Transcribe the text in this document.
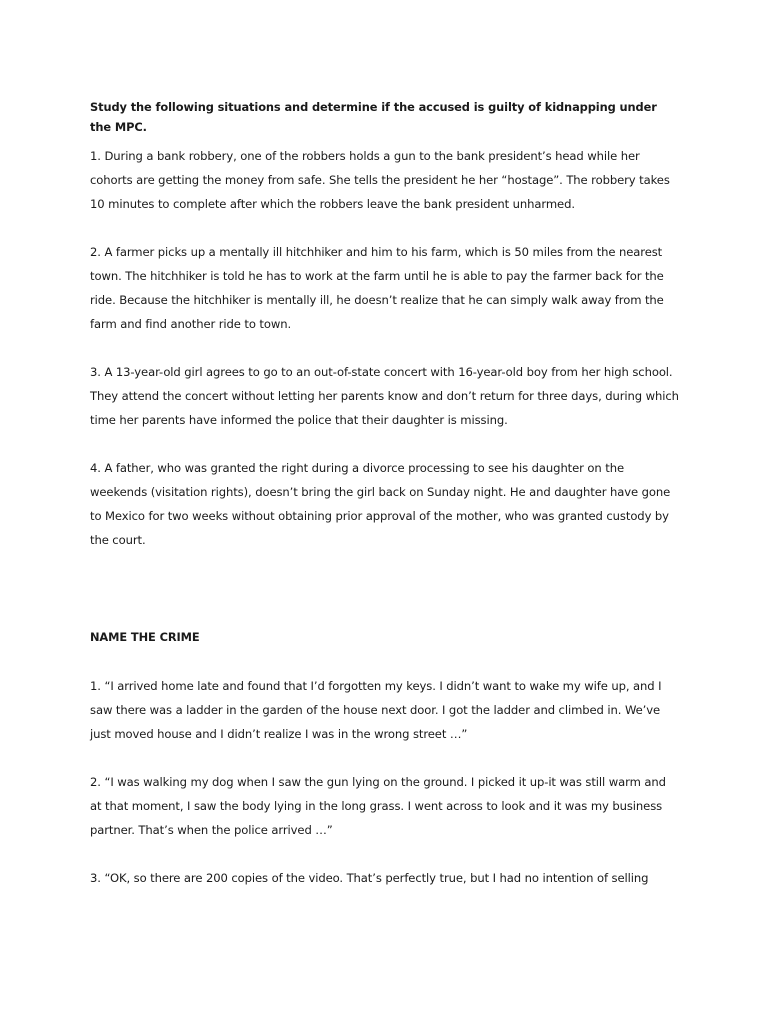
Study the following situations and determine if the accused is guilty of kidnapping under the MPC.

1. During a bank robbery, one of the robbers holds a gun to the bank president’s head while her cohorts are getting the money from safe. She tells the president he her “hostage”. The robbery takes 10 minutes to complete after which the robbers leave the bank president unharmed.

2. A farmer picks up a mentally ill hitchhiker and him to his farm, which is 50 miles from the nearest town. The hitchhiker is told he has to work at the farm until he is able to pay the farmer back for the ride. Because the hitchhiker is mentally ill, he doesn’t realize that he can simply walk away from the farm and find another ride to town.

3. A 13-year-old girl agrees to go to an out-of-state concert with 16-year-old boy from her high school. They attend the concert without letting her parents know and don’t return for three days, during which time her parents have informed the police that their daughter is missing.

4. A father, who was granted the right during a divorce processing to see his daughter on the weekends (visitation rights), doesn’t bring the girl back on Sunday night. He and daughter have gone to Mexico for two weeks without obtaining prior approval of the mother, who was granted custody by the court.

NAME THE CRIME

1. “I arrived home late and found that I’d forgotten my keys. I didn’t want to wake my wife up, and I saw there was a ladder in the garden of the house next door. I got the ladder and climbed in. We’ve just moved house and I didn’t realize I was in the wrong street …”

2. “I was walking my dog when I saw the gun lying on the ground. I picked it up-it was still warm and at that moment, I saw the body lying in the long grass. I went across to look and it was my business partner. That’s when the police arrived …”

3. “OK, so there are 200 copies of the video. That’s perfectly true, but I had no intention of selling
